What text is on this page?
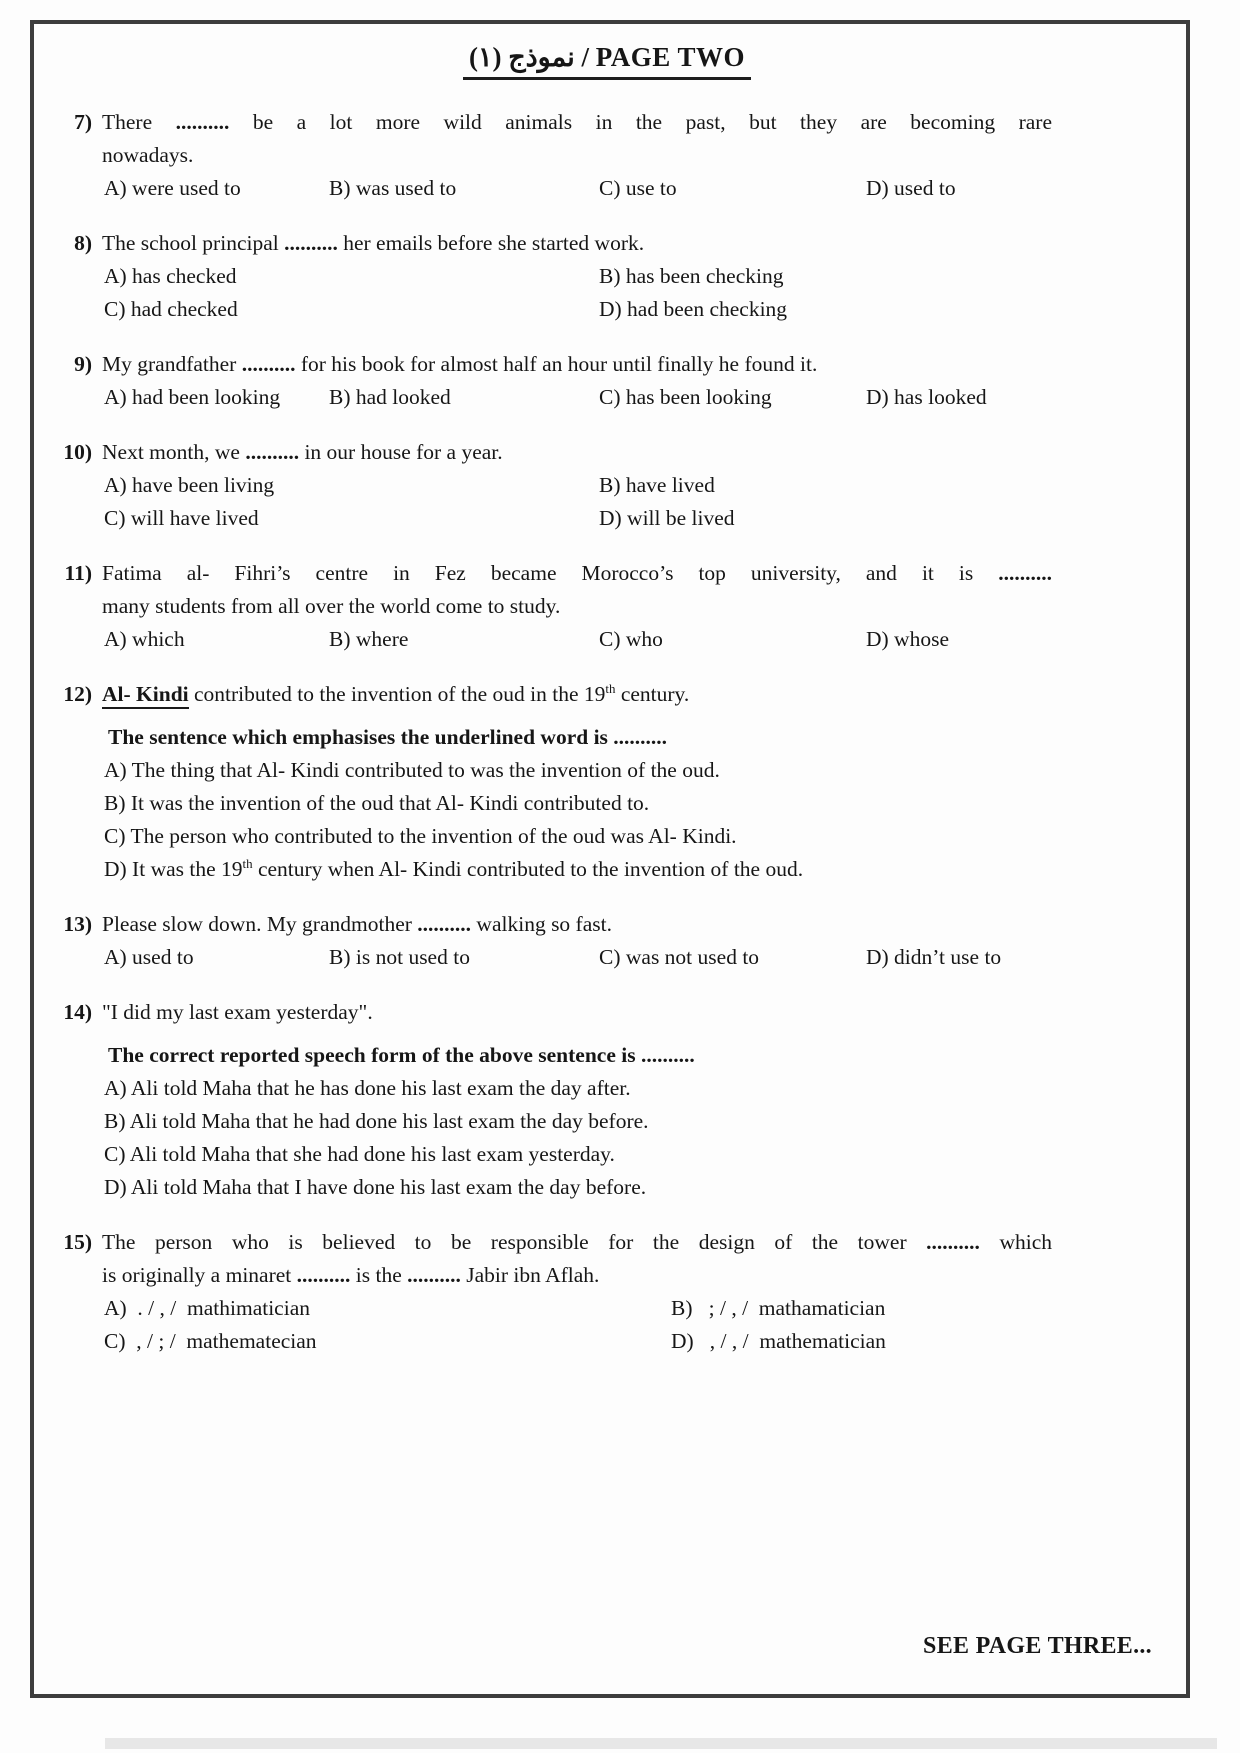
نموذج (١) / PAGE TWO
7) There .......... be a lot more wild animals in the past, but they are becoming rare
nowadays.
A) were used to	B) was used to	C) use to	D) used to
8) The school principal .......... her emails before she started work.
A) has checked	B) has been checking
C) had checked	D) had been checking
9) My grandfather .......... for his book for almost half an hour until finally he found it.
A) had been looking	B) had looked	C) has been looking	D) has looked
10) Next month, we .......... in our house for a year.
A) have been living	B) have lived
C) will have lived	D) will be lived
11) Fatima al- Fihri’s centre in Fez became Morocco’s top university, and it is ..........
many students from all over the world come to study.
A) which	B) where	C) who	D) whose
12) Al- Kindi contributed to the invention of the oud in the 19th century.
The sentence which emphasises the underlined word is ..........
A) The thing that Al- Kindi contributed to was the invention of the oud.
B) It was the invention of the oud that Al- Kindi contributed to.
C) The person who contributed to the invention of the oud was Al- Kindi.
D) It was the 19th century when Al- Kindi contributed to the invention of the oud.
13) Please slow down. My grandmother .......... walking so fast.
A) used to	B) is not used to	C) was not used to	D) didn’t use to
14) "I did my last exam yesterday".
The correct reported speech form of the above sentence is ..........
A) Ali told Maha that he has done his last exam the day after.
B) Ali told Maha that he had done his last exam the day before.
C) Ali told Maha that she had done his last exam yesterday.
D) Ali told Maha that I have done his last exam the day before.
15) The person who is believed to be responsible for the design of the tower .......... which
is originally a minaret .......... is the .......... Jabir ibn Aflah.
A)  . / , /  mathimatician	B)   ; / , /  mathamatician
C)  , / ; /  mathematecian	D)   , / , /  mathematician
SEE PAGE THREE...
